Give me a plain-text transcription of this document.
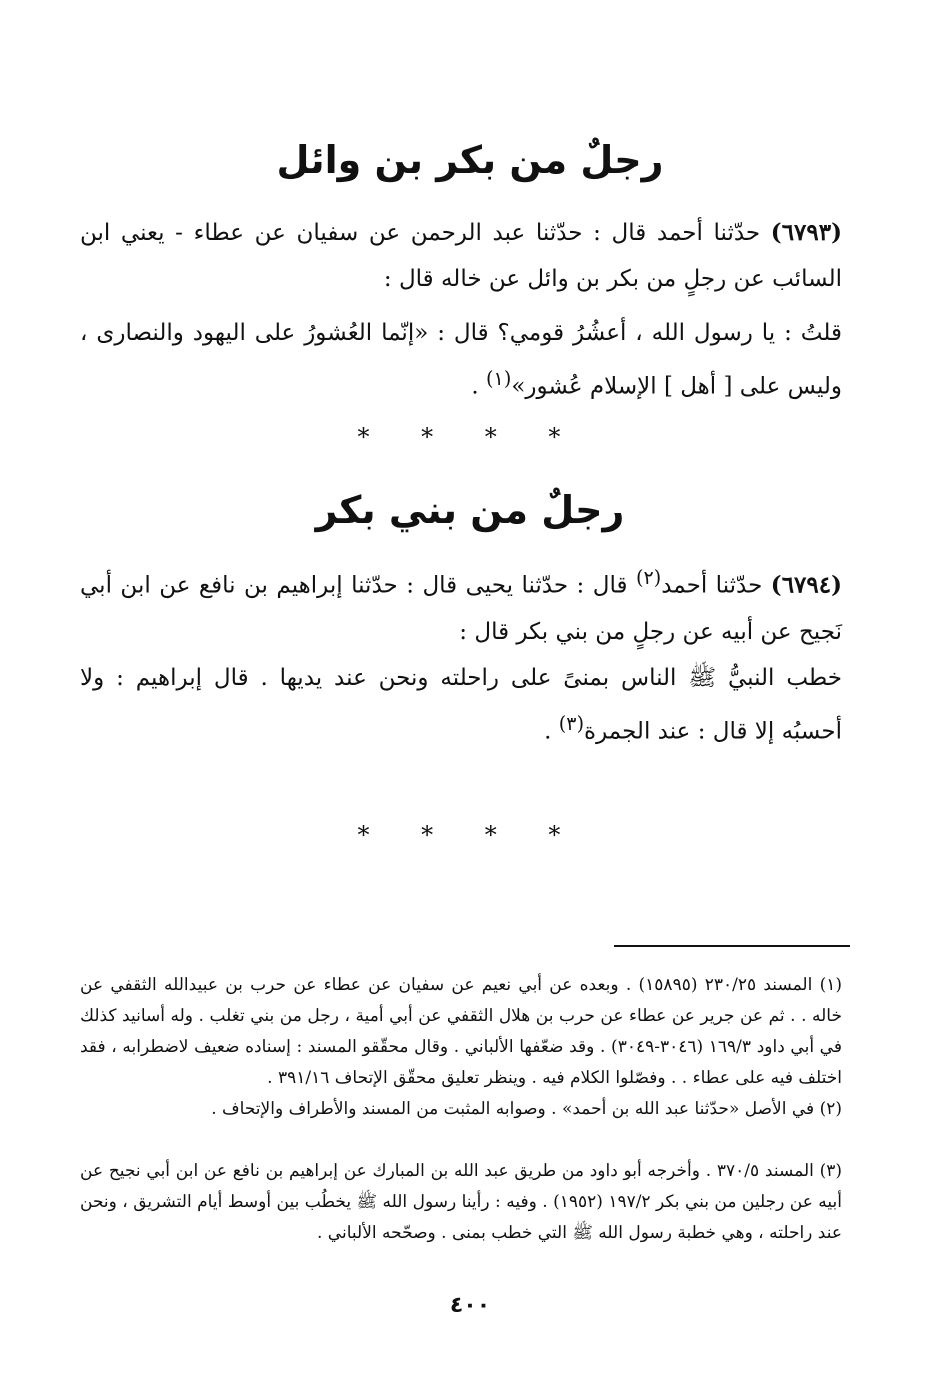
رجلٌ من بكر بن وائل

(٦٧٩٣) حدّثنا أحمد قال : حدّثنا عبد الرحمن عن سفيان عن عطاء - يعني ابن السائب عن رجلٍ من بكر بن وائل عن خاله قال :

قلتُ : يا رسول الله ، أعشُرُ قومي؟ قال : «إنّما العُشورُ على اليهود والنصارى ، وليس على [ أهل ] الإسلام عُشور»$^{(١)}$ .

* * * *
رجلٌ من بني بكر

(٦٧٩٤) حدّثنا أحمد$^{(٢)}$ قال : حدّثنا يحيى قال : حدّثنا إبراهيم بن نافع عن ابن أبي نَجيح عن أبيه عن رجلٍ من بني بكر قال :

خطب النبيُّ ﷺ الناس بمنىً على راحلته ونحن عند يديها . قال إبراهيم : ولا أحسبُه إلا قال : عند الجمرة$^{(٣)}$ .

* * * *

(١) المسند ٢٣٠/٢٥ (١٥٨٩٥) . وبعده عن أبي نعيم عن سفيان عن عطاء عن حرب بن عبيدالله الثقفي عن خاله . . ثم عن جرير عن عطاء عن حرب بن هلال الثقفي عن أبي أمية ، رجل من بني تغلب . وله أسانيد كذلك في أبي داود ١٦٩/٣ (٣٠٤٦-٣٠٤٩) . وقد ضعّفها الألباني . وقال محقّقو المسند : إسناده ضعيف لاضطرابه ، فقد اختلف فيه على عطاء . . وفصّلوا الكلام فيه . وينظر تعليق محقّق الإتحاف ٣٩١/١٦ .

(٢) في الأصل «حدّثنا عبد الله بن أحمد» . وصوابه المثبت من المسند والأطراف والإتحاف .

(٣) المسند ٣٧٠/٥ . وأخرجه أبو داود من طريق عبد الله بن المبارك عن إبراهيم بن نافع عن ابن أبي نجيح عن أبيه عن رجلين من بني بكر ١٩٧/٢ (١٩٥٢) . وفيه : رأينا رسول الله ﷺ يخطُب بين أوسط أيام التشريق ، ونحن عند راحلته ، وهي خطبة رسول الله ﷺ التي خطب بمنى . وصحّحه الألباني .

٤٠٠
